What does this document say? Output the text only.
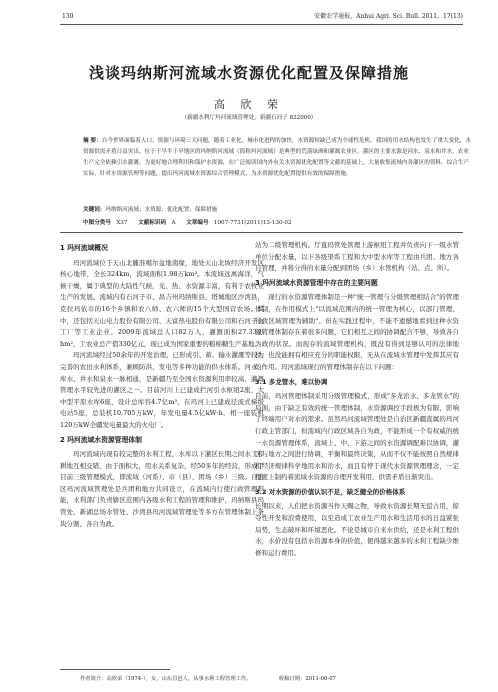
130	安徽农学通报，Anhui Agri. Sci. Bull. 2011，17(13)
浅谈玛纳斯河流域水资源优化配置及保障措施
高 欣 荣
（新疆水利厅玛河流域管理处，新疆石河子 832000）
摘 要：自今世界面临着人口、资源与环境三大问题，随着工业化、城市化进程的加快，水资源短缺已成为全球性危机，我国的用水结构也发生了重大变化，水资源供需矛盾日益突出。位于干旱半干旱地区的玛纳斯河流域（简称玛河流域）是典型的荒漠绿洲和灌溉农业区，灌区的主要水源是河水、泉水和井水，农业生产完全依赖引水灌溉。为更好地合理利用和保护水资源，在广泛阅读国内外有关水资源优化配置等文献的基础上，大量收集流域内各灌区的资料，综合生产实际，针对水资源管理等问题，提出玛河流域水资源综合管理模式，为水资源优化配置提供有效的保障措施。
关键词：玛纳斯河流域；水资源；优化配置；保障措施
中图分类号 X37 文献标识码 A 文章编号 1007-7731(2011)13-130-02
1 玛河流域概况

玛河流域位于天山北麓准噶尔盆地南缘，地处天山北坡经济开发区核心地带，全长324km，流域面积1.98万km²。本流域远离海洋，气候干燥，属于典型的大陆性气候，光、热、水资源丰富，有利于农牧业生产的发展。流域内有石河子市、昌吉州玛纳斯县、塔城地区沙湾县，克拉玛依市的16个乡镇和农八师、农六师的15个大型国营农场。其中，还包括天山电力股份有限公司、天富热电股份有限公司和石河子化工厂等工业企业。2009年流域总人口82万人，灌溉面积27.33万hm²，工农业总产值330亿元，现已成为国家重要的粮棉糖生产基地。

玛河流域经过50余年的开发治理，已形成引、蓄、输水灌溉等较为完善的农田水利体系，兼顾防洪、发电等多种功能的供水体系。河水、库水、井水和泉水一脉相通，是新疆乃至全国水资源利用率较高、灌溉管理水平较先进的灌区之一。目前河川上已建成拦河引水枢纽2座，大中型平原水库6座，设计总库容4.7亿m³。在玛河上已建成径流式梯级电站5座，总装机10.705万kW，年发电量4.5亿kW·h，相一座装机120万kW全疆发电量最大的火电厂。

2 玛河流域水资源管理体制

玛河流域内现有较完整的水利工程，水库以下灌区长期之间水工和耕地互相交错，由于面积大，用水关系复杂，经50多年的经营，形成了目前三级管理模式，即流域（河系）、市（县）、团场（乡）三级。自治区玛河流域管理处是兵团和地方共同设立，在流域内行使行政管理职能，水利部门负责辖区范围内各级水利工程的管理和维护，玛纳斯县玛管处、新湖总场水管处、沙湾县玛河流域管理处等多方在管理体制上条块分割、各自为政。

站为二级管理机构。厅直玛管处管理上游枢纽工程并负责向下一级水管单位分配水量，以下各级渠系工程和大中型水库等工程由兵团、地方各自管理，并将分得的水量分配到团场（乡）水管机构（站、点、所）。

3 玛河流域水资源管理中存在的主要问题

现行的水资源管理体制是一种"统一管理与分级管理相结合"的管理体制，在作用模式上"以流域范围内的统一管理为核心，以部门管理、行政区域管理为辅助"。但在实践过程中，不能不遗憾地看到这种水资源管理体制存在着很多问题，它们相互之间的协调配合不够，导致各自为政的状况。而现存的流域管理机构，既没有得到足够认可的法律地位，也没能拥有相应充分的职能权限，无从在流域水管理中发挥其应有的作用。玛河流域现行的管理体制存在以下问题：

3.1 多龙管水，难以协调

目前，玛河管理体制采用分级管理模式，形成"多龙治水、多龙管水"的局面，由于缺乏有效的统一管理体制，水资源调控手段极为有限，影响了终端用户对水的需求。虽然玛河流域管理处是自治区新疆直属的玛河行政主管部门，但流域内行政区域各自为政，不能形成一个有权威的统一水资源管理体系，流域上、中、下游之间的水资源调配难以协调，灌区与地方之间进行协调，平衡和最终决策，从而不仅不能按照自然规律和经济规律科学地用水和治水，而且有悖于现代水资源管理理念，一定程度上制约着流域水资源的合理开发利用，供需矛盾日渐突出。

3.2 对水资源的价值认识不足，缺乏健全的价格体系

长期以来，人们把水资源当作天赐之物，导致水资源长期无偿占用，掠夺性开发和浪费使用，以至造成工农业生产用水和生活用水的日益紧张局势，生态破坏和环境恶化。不论是城市自来水供给，还是水利工程供水，水价没有包括水资源本身的价值，使得越来越多的水利工程缺少维修和运行费用。

作者简介：高欣荣（1974-），女，山东昌邑人，从事水利工程管理工作。	收稿日期：2011-06-07
